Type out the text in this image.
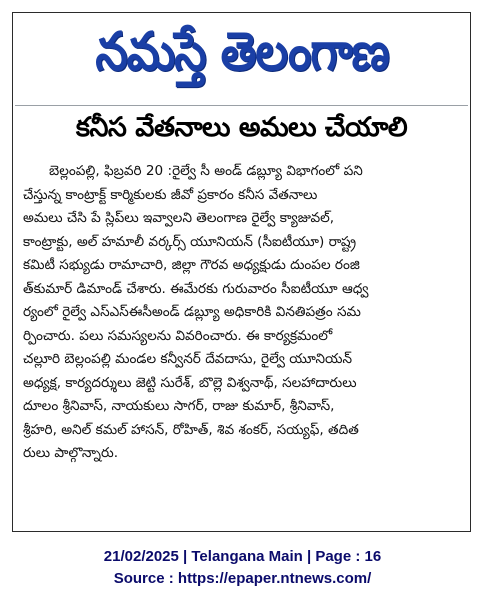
నమస్తే తెలంగాణ
కనీస వేతనాలు అమలు చేయాలి
బెల్లంపల్లి, ఫిబ్రవరి 20 :రైల్వే సీ అండ్ డబ్ల్యూ విభాగంలో పని
చేస్తున్న కాంట్రాక్ట్ కార్మికులకు జీవో ప్రకారం కనీస వేతనాలు
అమలు చేసి పే స్లిప్‌లు ఇవ్వాలని తెలంగాణ రైల్వే క్యాజువల్,
కాంట్రాక్టు, అల్ హమాలీ వర్కర్స్ యూనియన్ (సీఐటీయూ) రాష్ట్ర
కమిటీ సభ్యుడు రామాచారి, జిల్లా గౌరవ అధ్యక్షుడు దుంపల రంజి
త్‌కుమార్ డిమాండ్ చేశారు. ఈమేరకు గురువారం సీఐటీయూ ఆధ్వ
ర్యంలో రైల్వే ఎస్ఎస్ఈసీఅండ్ డబ్ల్యూ అధికారికి వినతిపత్రం సమ
ర్పించారు. పలు సమస్యలను వివరించారు. ఈ కార్యక్రమంలో
చల్లూరి బెల్లంపల్లి మండల కన్వీనర్ దేవదాసు, రైల్వే యూనియన్
అధ్యక్ష, కార్యదర్శులు జెట్టి సురేశ్, బొల్లె విశ్వనాథ్, సలహాదారులు
దూలం శ్రీనివాస్, నాయకులు సాగర్, రాజు కుమార్, శ్రీనివాస్,
శ్రీహరి, అనిల్ కమల్ హాసన్, రోహిత్, శివ శంకర్, సయ్యఫ్, తదిత
రులు పాల్గొన్నారు.
21/02/2025 | Telangana Main | Page : 16
Source : https://epaper.ntnews.com/
